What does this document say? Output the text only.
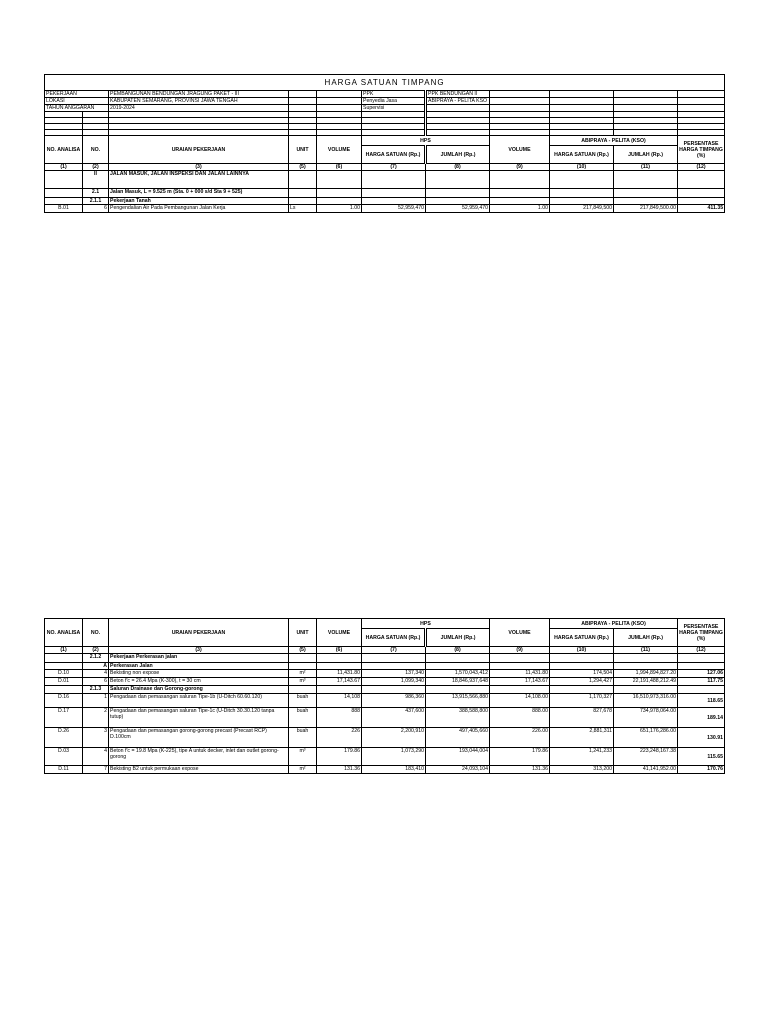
HARGA SATUAN TIMPANG										
PEKERJAAN		PEMBANGUNAN BENDUNGAN JRAGUNG PAKET - III			PPK	PPK BENDUNGAN II				
LOKASI		KABUPATEN SEMARANG, PROVINSI JAWA TENGAH			Penyedia Jasa	ABIPRAYA - PELITA KSO				
TAHUN ANGGARAN		2019-2024			Supervisi					

NO. ANALISA	NO.	URAIAN PEKERJAAN	UNIT	VOLUME	HPS		VOLUME	ABIPRAYA - PELITA (KSO)		PERSENTASE HARGA TIMPANG (%)
					HARGA SATUAN (Rp.)	JUMLAH (Rp.)		HARGA SATUAN (Rp.)	JUMLAH (Rp.)	
(1)	(2)	(3)	(5)	(6)	(7)	(8)	(9)	(10)	(11)	(12)
	II	JALAN MASUK, JALAN INSPEKSI DAN JALAN LAINNYA								
	2.1	Jalan Masuk, L = 9.525 m (Sta. 0 + 000 s/d Sta 9 + 525)								
	2.1.1	Pekerjaan Tanah								
B.01	6	Pengendalian Air Pada Pembangunan Jalan Kerja	Ls	1.00	52,959,470	52,959,470	1.00	217,849,500	217,849,500.00	411.35
NO. ANALISA	NO.	URAIAN PEKERJAAN	UNIT	VOLUME	HPS		VOLUME	ABIPRAYA - PELITA (KSO)		PERSENTASE HARGA TIMPANG (%)
					HARGA SATUAN (Rp.)	JUMLAH (Rp.)		HARGA SATUAN (Rp.)	JUMLAH (Rp.)	
(1)	(2)	(3)	(5)	(6)	(7)	(8)	(9)	(10)	(11)	(12)
	2.1.2	Pekerjaan Perkerasan jalan								
	A	Perkerasan Jalan								
D.10	4	Bekisting non expose	m²	11,431.80	137,340	1,570,043,412	11,431.80	174,504	1,994,894,827.20	127.06
D.01	6	Beton f'c = 26.4 Mpa (K-300), t = 30 cm	m³	17,143.67	1,099,340	18,846,937,648	17,143.67	1,294,427	22,191,488,212.49	117.75
	2.1.3	Saluran Drainase dan Gorong-gorong								
D.16	1	Pengadaan dan pemasangan saluran Tipe-1b (U-Ditch 60.60.120)	buah	14,108	986,360	13,915,566,880	14,108.00	1,170,327	16,510,973,316.00	118.65
D.17	2	Pengadaan dan pemasangan saluran Tipe-1c (U-Ditch 30.30.120 tanpa tutup)	buah	888	437,600	388,588,800	888.00	827,678	734,978,064.00	189.14
D.26	3	Pengadaan dan pemasangan gorong-gorong precast (Precast RCP) D.100cm	buah	226	2,200,910	497,405,660	226.00	2,881,311	651,176,286.00	130.91
D.03	4	Beton f'c = 19.8 Mpa (K-225), tipe A untuk decker, inlet dan outlet gorong-gorong	m³	179.86	1,073,290	193,044,004	179.86	1,241,233	223,248,167.38	115.65
D.11	7	Bekisting B2 untuk permukaan expose	m²	131.36	183,410	24,093,104	131.36	313,200	41,141,952.00	170.76
